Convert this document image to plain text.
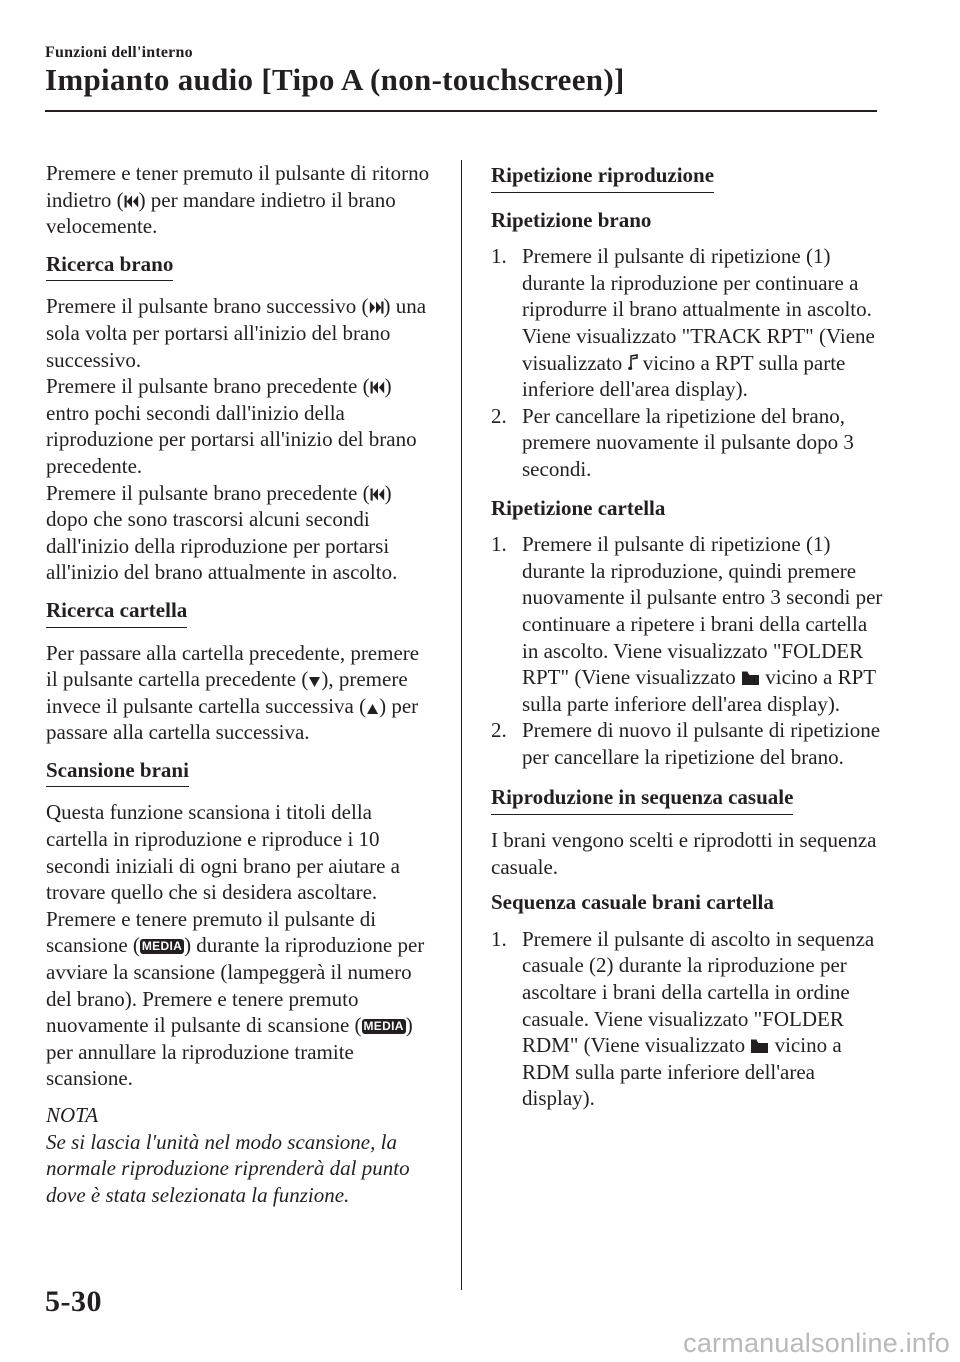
Funzioni dell'interno
Impianto audio [Tipo A (non-touchscreen)]

Premere e tener premuto il pulsante di ritorno indietro ( ) per mandare indietro il brano velocemente.

Ricerca brano

Premere il pulsante brano successivo ( ) una sola volta per portarsi all'inizio del brano successivo.
Premere il pulsante brano precedente ( ) entro pochi secondi dall'inizio della riproduzione per portarsi all'inizio del brano precedente.
Premere il pulsante brano precedente ( ) dopo che sono trascorsi alcuni secondi dall'inizio della riproduzione per portarsi all'inizio del brano attualmente in ascolto.

Ricerca cartella

Per passare alla cartella precedente, premere il pulsante cartella precedente ( ), premere invece il pulsante cartella successiva ( ) per passare alla cartella successiva.

Scansione brani

Questa funzione scansiona i titoli della cartella in riproduzione e riproduce i 10 secondi iniziali di ogni brano per aiutare a trovare quello che si desidera ascoltare.

Premere e tenere premuto il pulsante di scansione ( MEDIA) durante la riproduzione per avviare la scansione (lampeggerà il numero del brano). Premere e tenere premuto nuovamente il pulsante di scansione ( MEDIA) per annullare la riproduzione tramite scansione.

NOTA
Se si lascia l'unità nel modo scansione, la normale riproduzione riprenderà dal punto dove è stata selezionata la funzione.
Ripetizione riproduzione
Ripetizione brano
1. Premere il pulsante di ripetizione (1) durante la riproduzione per continuare a riprodurre il brano attualmente in ascolto. Viene visualizzato "TRACK RPT" (Viene visualizzato
vicino a RPT sulla parte inferiore dell'area display).
2. Per cancellare la ripetizione del brano, premere nuovamente il pulsante dopo 3 secondi.
Ripetizione cartella
1. Premere il pulsante di ripetizione (1) durante la riproduzione, quindi premere nuovamente il pulsante entro 3 secondi per continuare a ripetere i brani della cartella in ascolto. Viene visualizzato "FOLDER RPT" (Viene visualizzato
vicino a RPT sulla parte inferiore dell'area display).
2. Premere di nuovo il pulsante di ripetizione per cancellare la ripetizione del brano.
Riproduzione in sequenza casuale

I brani vengono scelti e riprodotti in sequenza casuale.

Sequenza casuale brani cartella
1. Premere il pulsante di ascolto in sequenza casuale (2) durante la riproduzione per ascoltare i brani della cartella in ordine casuale. Viene visualizzato "FOLDER RDM" (Viene visualizzato
vicino a RDM sulla parte inferiore dell'area display).
5-30
carmanualsonline.info
